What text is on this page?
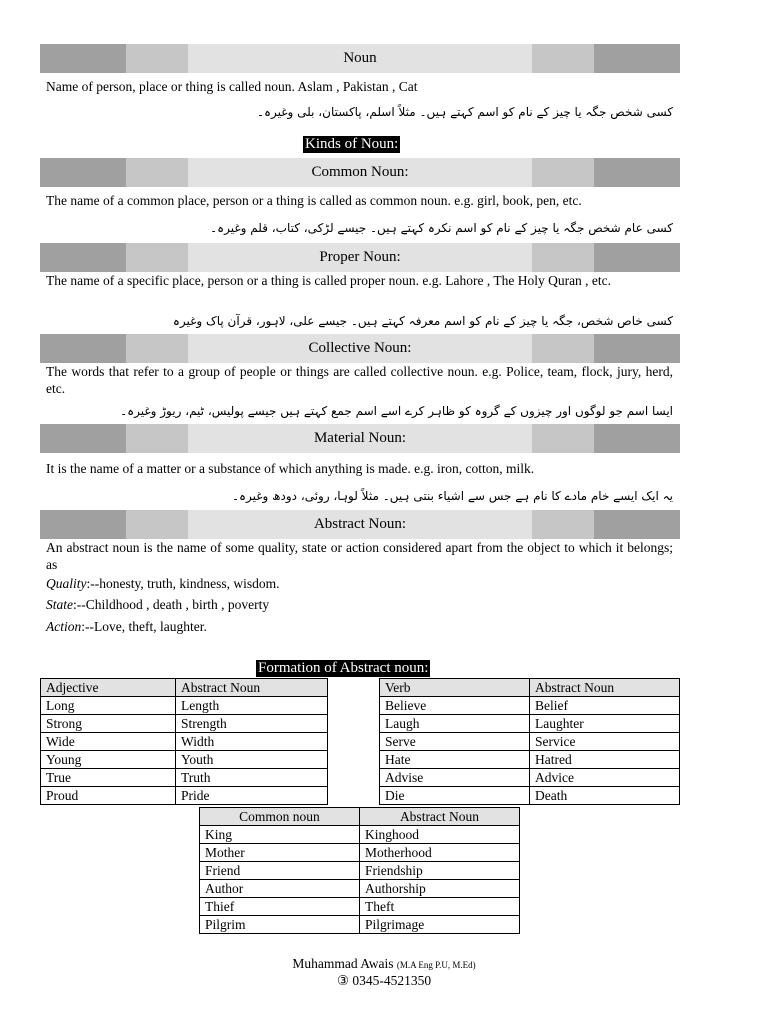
Noun
Name of person, place or thing is called noun. Aslam , Pakistan , Cat
کسی شخص جگہ یا چیز کے نام کو اسم کہتے ہیں۔ مثلاً اسلم، پاکستان، بلی وغیرہ۔
Kinds of Noun:
Common Noun:
The name of a common place, person or a thing is called as common noun. e.g. girl, book, pen, etc.
کسی عام شخص جگہ یا چیز کے نام کو اسم نکرہ کہتے ہیں۔ جیسے لڑکی، کتاب، قلم وغیرہ۔
Proper Noun:
The name of a specific place, person or a thing is called proper noun. e.g. Lahore , The Holy Quran , etc.
کسی خاص شخص، جگہ یا چیز کے نام کو اسم معرفہ کہتے ہیں۔ جیسے علی، لاہور، قرآن پاک وغیرہ
Collective Noun:
The words that refer to a group of people or things are called collective noun. e.g. Police, team, flock, jury, herd, etc.
ایسا اسم جو لوگوں اور چیزوں کے گروہ کو ظاہر کرے اسے اسم جمع کہتے ہیں جیسے پولیس، ٹیم، ریوڑ وغیرہ۔
Material Noun:
It is the name of a matter or a substance of which anything is made. e.g. iron, cotton, milk.
یہ ایک ایسے خام مادے کا نام ہے جس سے اشیاء بنتی ہیں۔ مثلاً لوہا، روئی، دودھ وغیرہ۔
Abstract Noun:
An abstract noun is the name of some quality, state or action considered apart from the object to which it belongs; as
Quality:--honesty, truth, kindness, wisdom.
State:--Childhood , death , birth , poverty
Action:--Love, theft, laughter.
Formation of Abstract noun:
Adjective	Abstract Noun
Long	Length
Strong	Strength
Wide	Width
Young	Youth
True	Truth
Proud	Pride
Verb	Abstract Noun
Believe	Belief
Laugh	Laughter
Serve	Service
Hate	Hatred
Advise	Advice
Die	Death
Common noun	Abstract Noun
King	Kinghood
Mother	Motherhood
Friend	Friendship
Author	Authorship
Thief	Theft
Pilgrim	Pilgrimage
Muhammad Awais (M.A Eng P.U, M.Ed)
③ 0345-4521350
